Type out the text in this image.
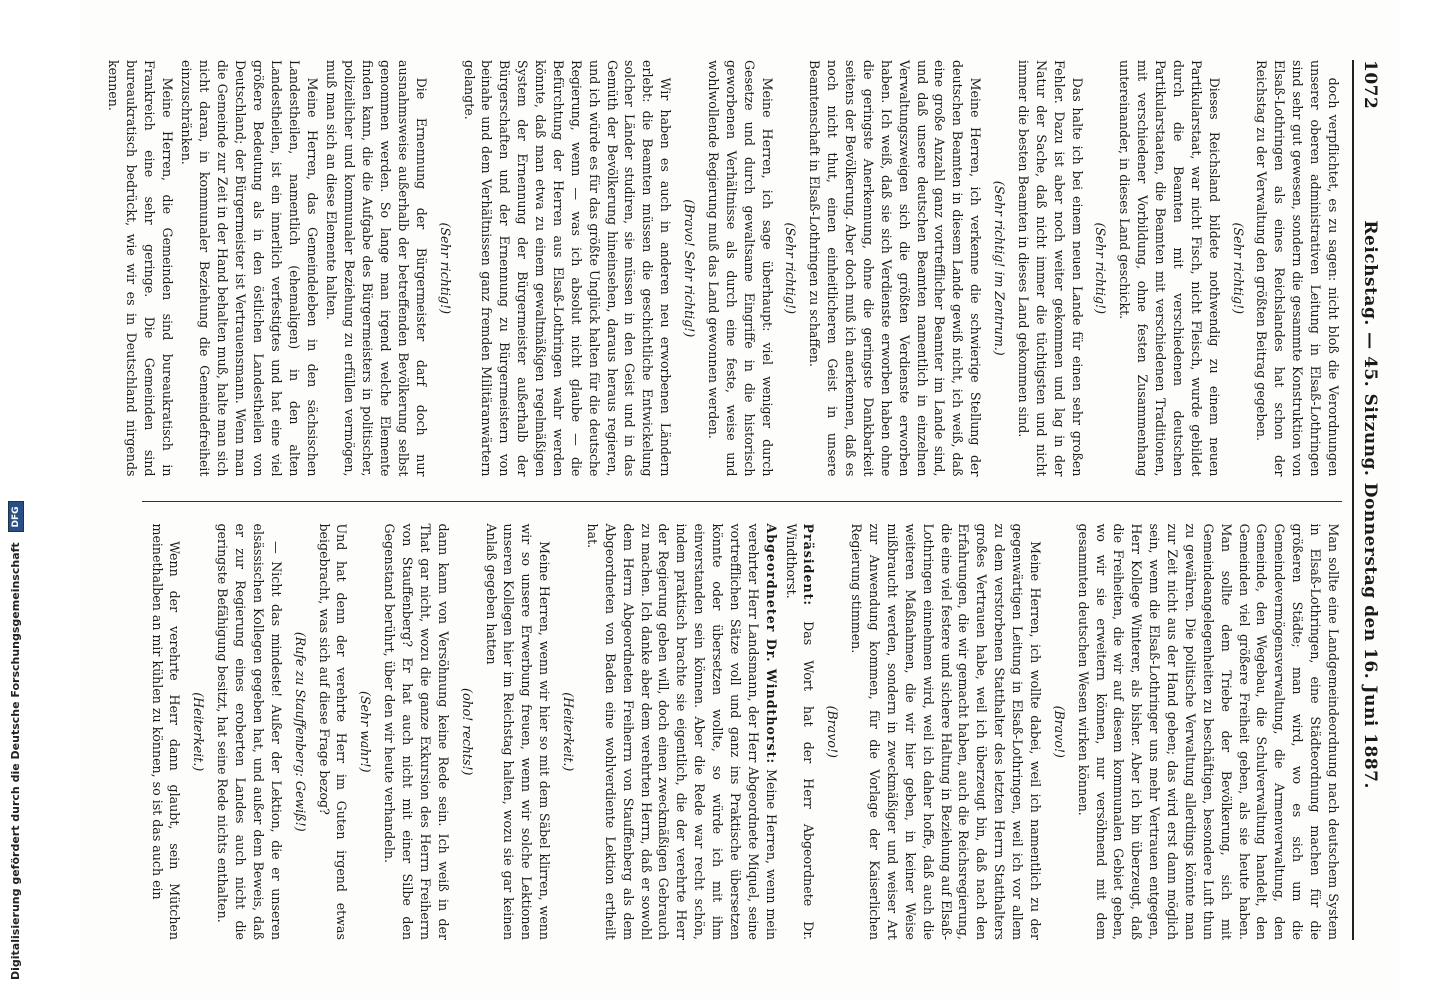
Digitalisierung gefördert durch die Deutsche Forschungsgemeinschaft DFG
1072
Reichstag. — 45. Sitzung. Donnerstag den 16. Juni 1887.

doch verpflichtet, es zu sagen: nicht bloß die Verordnungen unserer oberen administrativen Leitung in Elsaß-Lothringen sind sehr gut gewesen, sondern die gesammte Konstruktion von Elsaß-Lothringen als eines Reichslandes hat schon der Reichstag zu der Verwaltung den größten Beitrag gegeben.

(Sehr richtig!)

Dieses Reichsland bildete nothwendig zu einem neuen Partikularstaat, war nicht Fisch, nicht Fleisch, wurde gebildet durch die Beamten mit verschiedenen deutschen Partikularstaaten, die Beamten mit verschiedenen Traditionen, mit verschiedener Vorbildung, ohne festen Zusammenhang untereinander, in dieses Land geschickt.

(Sehr richtig!)

Das halte ich bei einem neuen Lande für einen sehr großen Fehler. Dazu ist aber noch weiter gekommen und lag in der Natur der Sache, daß nicht immer die tüchtigsten und nicht immer die besten Beamten in dieses Land gekommen sind.

(Sehr richtig! im Zentrum.)

Meine Herren, ich verkenne die schwierige Stellung der deutschen Beamten in diesem Lande gewiß nicht, ich weiß, daß eine große Anzahl ganz vortrefflicher Beamter im Lande sind, und daß unsere deutschen Beamten namentlich in einzelnen Verwaltungszweigen sich die größten Verdienste erworben haben. Ich weiß, daß sie sich Verdienste erworben haben ohne die geringste Anerkennung, ohne die geringste Dankbarkeit seitens der Bevölkerung. Aber doch muß ich anerkennen, daß es noch nicht thut, einen einheitlicheren Geist in unsere Beamtenschaft in Elsaß-Lothringen zu schaffen.

(Sehr richtig!)

Meine Herren, ich sage überhaupt: viel weniger durch Gesetze und durch gewaltsame Eingriffe in die historisch geworbenen Verhältnisse als durch eine feste, weise und wohlwollende Regierung muß das Land gewonnen werden.

(Bravo! Sehr richtig!)

Wir haben es auch in anderen neu erworbenen Ländern erlebt: die Beamten müssen die geschichtliche Entwickelung solcher Länder studiren, sie müssen in den Geist und in das Gemüth der Bevölkerung hineinsehen, daraus heraus regieren, und ich würde es für das größte Unglück halten für die deutsche Regierung, wenn — was ich absolut nicht glaube — die Befürchtung der Herren aus Elsaß-Lothringen wahr werden könnte, daß man etwa zu einem gewaltmäßigen regelmäßigen System der Ernennung der Bürgermeister außerhalb der Bürgerschaften und der Ernennung zu Bürgermeistern von beinahe und dem Verhältnissen ganz fremden Militäranwärtern gelangte.

(Sehr richtig!)

Die Ernennung der Bürgermeister darf doch nur ausnahmsweise außerhalb der betreffenden Bevölkerung selbst genommen werden. So lange man irgend welche Elemente finden kann, die die Aufgabe des Bürgermeisters in politischer, polizeilicher und kommunaler Beziehung zu erfüllen vermögen, muß man sich an diese Elemente halten.

Meine Herren, das Gemeindeleben in den sächsischen Landestheilen, namentlich (ehemaligen) in den alten Landestheilen, ist ein innerlich verfestigtes und hat eine viel größere Bedeutung als in den östlichen Landestheilen von Deutschland; der Bürgermeister ist Vertrauensmann. Wenn man die Gemeinde zur Zeit in der Hand behalten muß, halte man sich nicht daran, in kommunaler Beziehung die Gemeindefreiheit einzuschränken.

Meine Herren, die Gemeinden sind bureaukratisch in Frankreich eine sehr geringe. Die Gemeinden sind bureaukratisch bedrückt, wie wir es in Deutschland nirgends kennen.

Man sollte eine Landgemeindeordnung nach deutschem System in Elsaß-Lothringen, eine Städteordnung machen für die größeren Städte; man wird, wo es sich um die Gemeindevermögensverwaltung, die Armenverwaltung, den Gemeinde, den Wegebau, die Schulverwaltung handelt, den Gemeinden viel größere Freiheit geben, als sie heute haben. Man sollte dem Triebe der Bevölkerung, sich mit Gemeindeangelegenheiten zu beschäftigen, besondere Luft thun zu gewähren. Die politische Verwaltung allerdings könnte man zur Zeit nicht aus der Hand geben; das wird erst dann möglich sein, wenn die Elsaß-Lothringer uns mehr Vertrauen entgegen, Herr Kollege Winterer, als bisher. Aber ich bin überzeugt, daß die Freiheiten, die wir auf diesem kommunalen Gebiet geben, wo wir sie erweitern können, nur versöhnend mit dem gesammten deutschen Wesen wirken können.

(Bravo!)

Meine Herren, ich wollte dabei, weil ich namentlich zu der gegenwärtigen Leitung in Elsaß-Lothringen, weil ich vor allem zu dem verstorbenen Statthalter des letzten Herrn Statthalters großes Vertrauen habe, weil ich überzeugt bin, daß nach den Erfahrungen, die wir gemacht haben, auch die Reichsregierung, die eine viel festere und sichere Haltung in Beziehung auf Elsaß-Lothringen einnehmen wird, weil ich daher hoffe, daß auch die weiteren Maßnahmen, die wir hier geben, in keiner Weise mißbraucht werden, sondern in zweckmäßiger und weiser Art zur Anwendung kommen, für die Vorlage der Kaiserlichen Regierung stimmen.

(Bravo!)

Präsident: Das Wort hat der Herr Abgeordnete Dr. Windthorst.

Abgeordneter Dr. Windthorst: Meine Herren, wenn mein verehrter Herr Landsmann, der Herr Abgeordnete Miquel, seine vortrefflichen Sätze voll und ganz ins Praktische übersetzen könnte oder übersetzen wollte, so würde ich mit ihm einverstanden sein können. Aber die Rede war recht schön, indem praktisch brachte sie eigentlich, die der verehrte Herr der Regierung geben will, doch einen zweckmäßigen Gebrauch zu machen. Ich danke aber dem verehrten Herrn, daß er sowohl dem Herrn Abgeordneten Freiherrn von Stauffenberg als dem Abgeordneten von Baden eine wohlverdiente Lektion ertheilt hat.

(Heiterkeit.)

Meine Herren, wenn wir hier so mit dem Säbel klirren, wenn wir so unsere Erwerbung freuen, wenn wir solche Lektionen unseren Kollegen hier im Reichstag halten, wozu sie gar keinen Anlaß gegeben hatten

(oho! rechts!)

dann kann von Versöhnung keine Rede sein. Ich weiß in der That gar nicht, wozu die ganze Exkursion des Herrn Freiherrn von Stauffenberg? Er hat auch nicht mit einer Silbe den Gegenstand berührt, über den wir heute verhandeln.

(Sehr wahr!)

Und hat denn der verehrte Herr im Guten irgend etwas beigebracht, was sich auf diese Frage bezog?

(Rufe zu Stauffenberg: Gewiß!)

— Nicht das mindeste! Außer der Lektion, die er unseren elsässischen Kollegen gegeben hat, und außer dem Beweis, daß er zur Regierung eines eroberten Landes auch nicht die geringste Befähigung besitzt, hat seine Rede nichts enthalten.

(Heiterkeit.)

Wenn der verehrte Herr dann glaubt, sein Mütchen meinethalben an mir kühlen zu können, so ist das auch ein
